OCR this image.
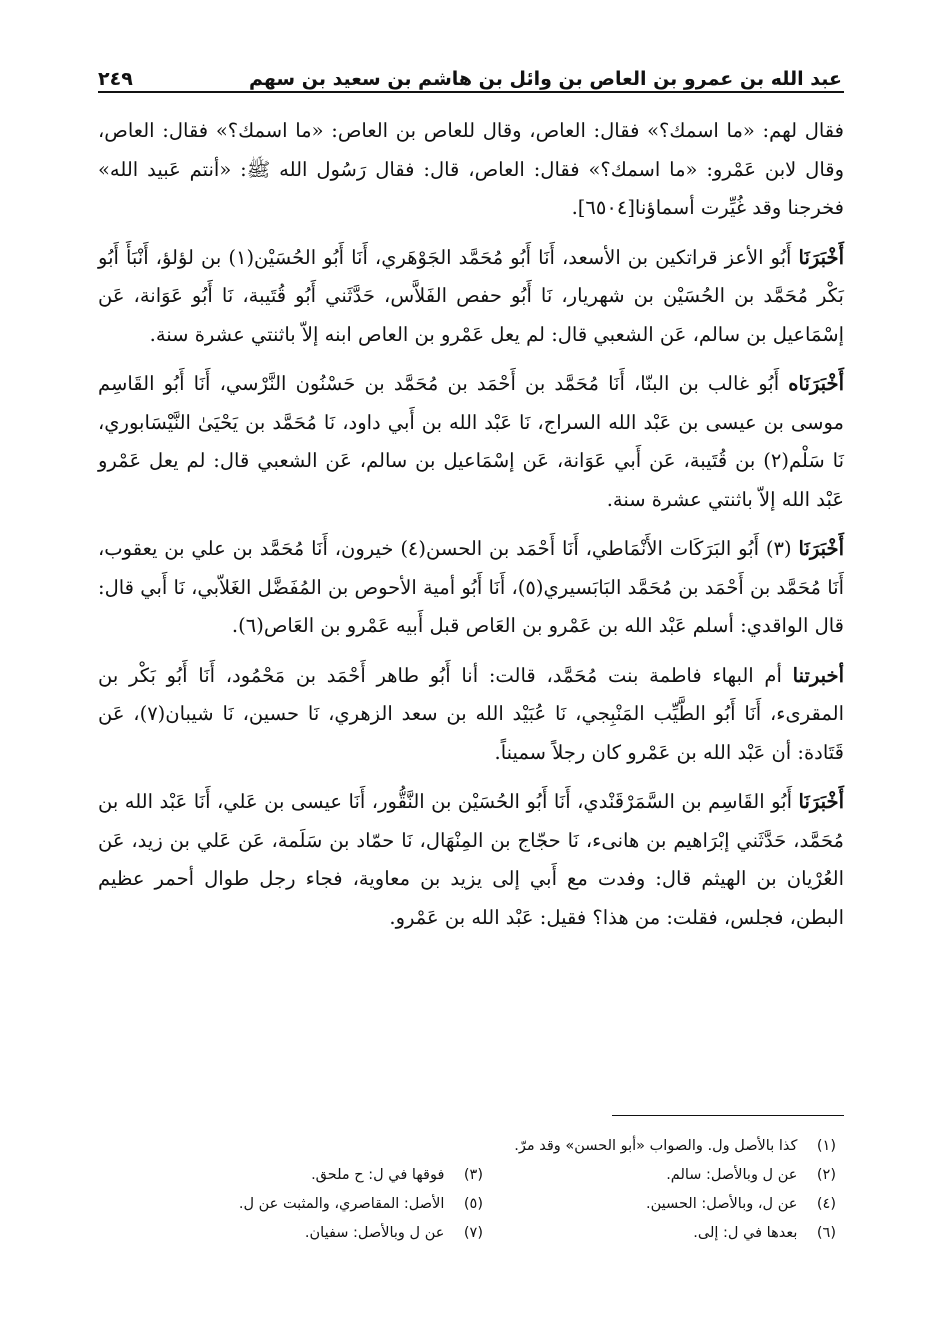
عبد الله بن عمرو بن العاص بن وائل بن هاشم بن سعيد بن سهم
٢٤٩

فقال لهم: «ما اسمك؟» فقال: العاص، وقال للعاص بن العاص: «ما اسمك؟» فقال: العاص، وقال لابن عَمْرو: «ما اسمك؟» فقال: العاص، قال: فقال رَسُول الله ﷺ: «أنتم عَبيد الله» فخرجنا وقد غُيِّرت أسماؤنا[٦٥٠٤].

أَخْبَرَنَا أَبُو الأعز قراتكين بن الأسعد، أَنَا أَبُو مُحَمَّد الجَوْهَري، أَنَا أَبُو الحُسَيْن(١) بن لؤلؤ، أَنْبَأَ أَبُو بَكْر مُحَمَّد بن الحُسَيْن بن شهريار، نَا أَبُو حفص الفَلاَّس، حَدَّثَني أَبُو قُتَيبة، نَا أَبُو عَوَانة، عَن إسْمَاعيل بن سالم، عَن الشعبي قال: لم يعل عَمْرو بن العاص ابنه إلاّ باثنتي عشرة سنة.

أَخْبَرَنَاه أَبُو غالب بن البنّا، أَنَا مُحَمَّد بن أَحْمَد بن مُحَمَّد بن حَسْنُون النَّرْسي، أَنَا أَبُو القَاسِم موسى بن عيسى بن عَبْد الله السراج، نَا عَبْد الله بن أَبي داود، نَا مُحَمَّد بن يَحْيَىٰ النَّيْسَابوري، نَا سَلْم(٢) بن قُتَيبة، عَن أَبي عَوَانة، عَن إسْمَاعيل بن سالم، عَن الشعبي قال: لم يعل عَمْرو عَبْد الله إلاّ باثنتي عشرة سنة.

أَخْبَرَنَا (٣) أَبُو البَرَكَات الأَنْمَاطي، أَنَا أَحْمَد بن الحسن(٤) خيرون، أَنَا مُحَمَّد بن علي بن يعقوب، أَنَا مُحَمَّد بن أَحْمَد بن مُحَمَّد البَابَسيري(٥)، أَنَا أَبُو أمية الأحوص بن المُفَضَّل الغَلاّبي، نَا أَبي قال: قال الواقدي: أسلم عَبْد الله بن عَمْرو بن العَاص قبل أَبيه عَمْرو بن العَاص(٦).

أخبرتنا أم البهاء فاطمة بنت مُحَمَّد، قالت: أنا أَبُو طاهر أَحْمَد بن مَحْمُود، أَنَا أَبُو بَكْر بن المقرىء، أَنَا أَبُو الطَّيِّب المَنْبِجي، نَا عُبَيْد الله بن سعد الزهري، نَا حسين، نَا شيبان(٧)، عَن قَتَادة: أن عَبْد الله بن عَمْرو كان رجلاً سميناً.

أَخْبَرَنَا أَبُو القَاسِم بن السَّمَرْقَنْدي، أَنَا أَبُو الحُسَيْن بن النَّقُّور، أَنَا عيسى بن عَلي، أَنَا عَبْد الله بن مُحَمَّد، حَدَّثَني إبْرَاهيم بن هانىء، نَا حجّاج بن المِنْهَال، نَا حمّاد بن سَلَمة، عَن عَلي بن زيد، عَن العُرْيان بن الهيثم قال: وفدت مع أَبي إلى يزيد بن معاوية، فجاء رجل طوال أحمر عظيم البطن، فجلس، فقلت: من هذا؟ فقيل: عَبْد الله بن عَمْرو.

(١) كذا بالأصل ول. والصواب «أبو الحسن» وقد مرّ.
(٢) عن ل وبالأصل: سالم.
(٣) فوقها في ل: ح ملحق.
(٤) عن ل، وبالأصل: الحسين.
(٥) الأصل: المقاصري، والمثبت عن ل.
(٦) بعدها في ل: إلى.
(٧) عن ل وبالأصل: سفيان.
